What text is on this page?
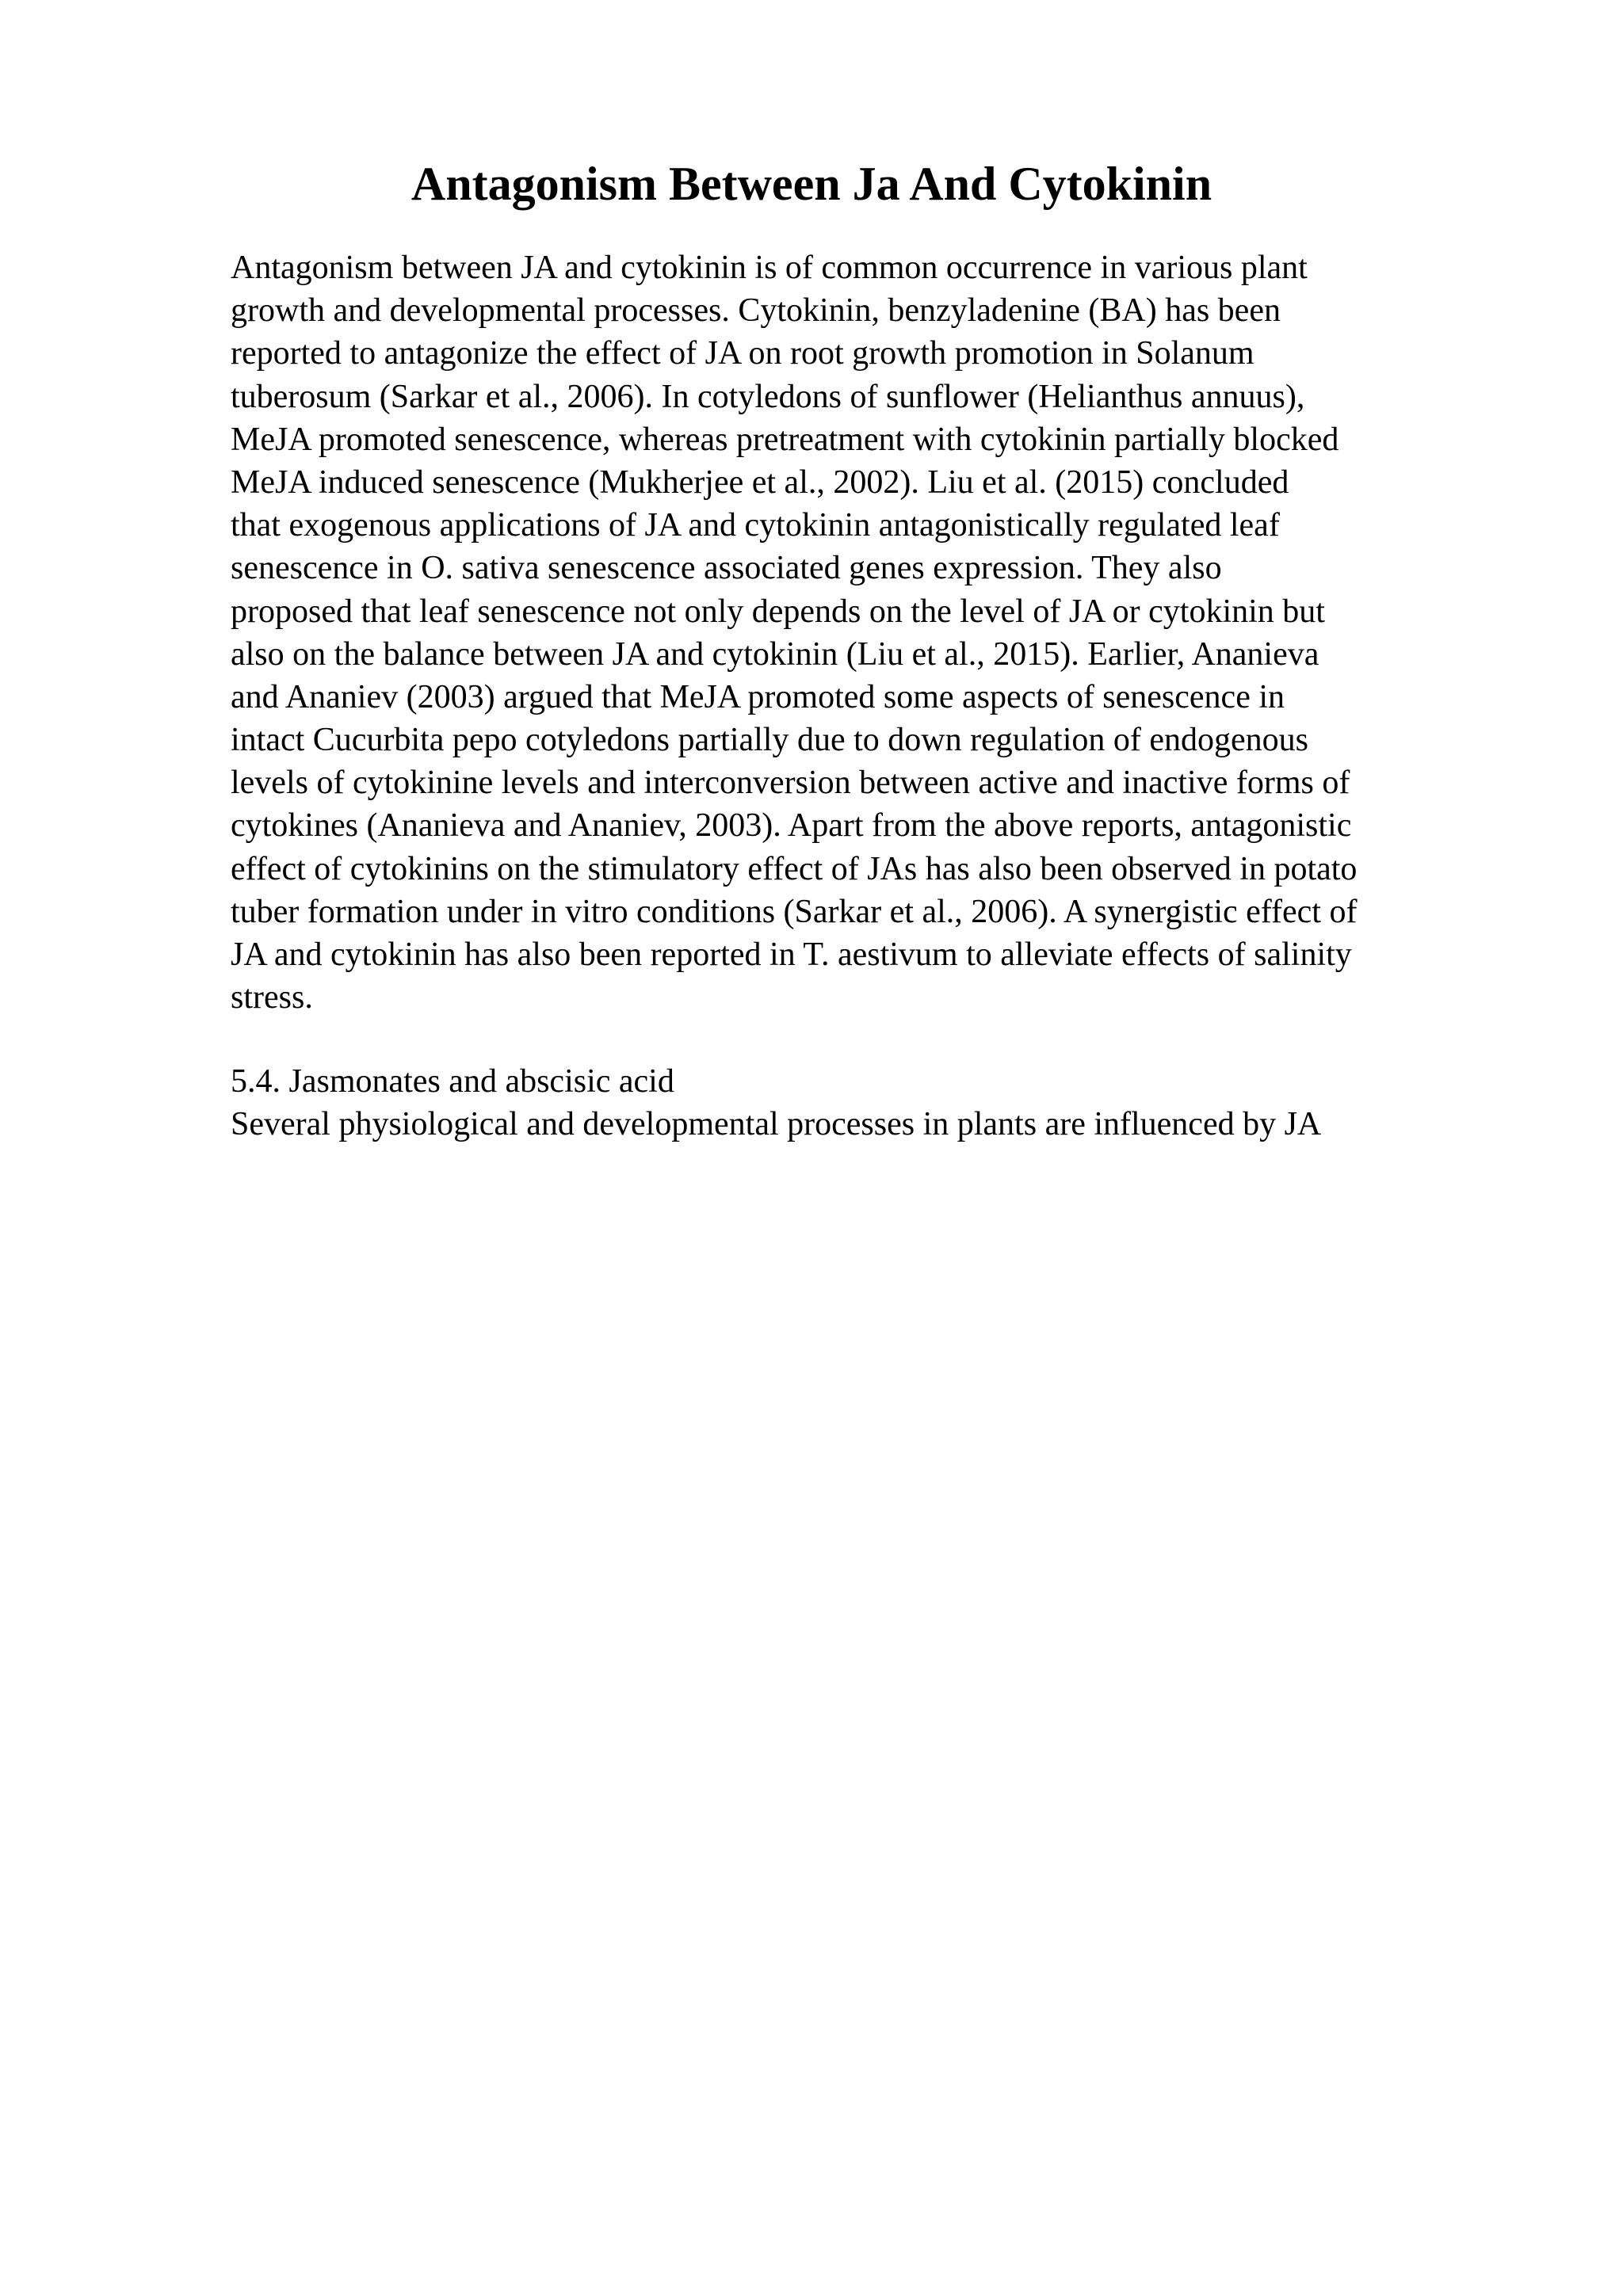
Antagonism Between Ja And Cytokinin
Antagonism between JA and cytokinin is of common occurrence in various plant
growth and developmental processes. Cytokinin, benzyladenine (BA) has been
reported to antagonize the effect of JA on root growth promotion in Solanum
tuberosum (Sarkar et al., 2006). In cotyledons of sunflower (Helianthus annuus),
MeJA promoted senescence, whereas pretreatment with cytokinin partially blocked
MeJA induced senescence (Mukherjee et al., 2002). Liu et al. (2015) concluded
that exogenous applications of JA and cytokinin antagonistically regulated leaf
senescence in O. sativa senescence associated genes expression. They also
proposed that leaf senescence not only depends on the level of JA or cytokinin but
also on the balance between JA and cytokinin (Liu et al., 2015). Earlier, Ananieva
and Ananiev (2003) argued that MeJA promoted some aspects of senescence in
intact Cucurbita pepo cotyledons partially due to down regulation of endogenous
levels of cytokinine levels and interconversion between active and inactive forms of
cytokines (Ananieva and Ananiev, 2003). Apart from the above reports, antagonistic
effect of cytokinins on the stimulatory effect of JAs has also been observed in potato
tuber formation under in vitro conditions (Sarkar et al., 2006). A synergistic effect of
JA and cytokinin has also been reported in T. aestivum to alleviate effects of salinity
stress.
5.4. Jasmonates and abscisic acid
Several physiological and developmental processes in plants are influenced by JA
